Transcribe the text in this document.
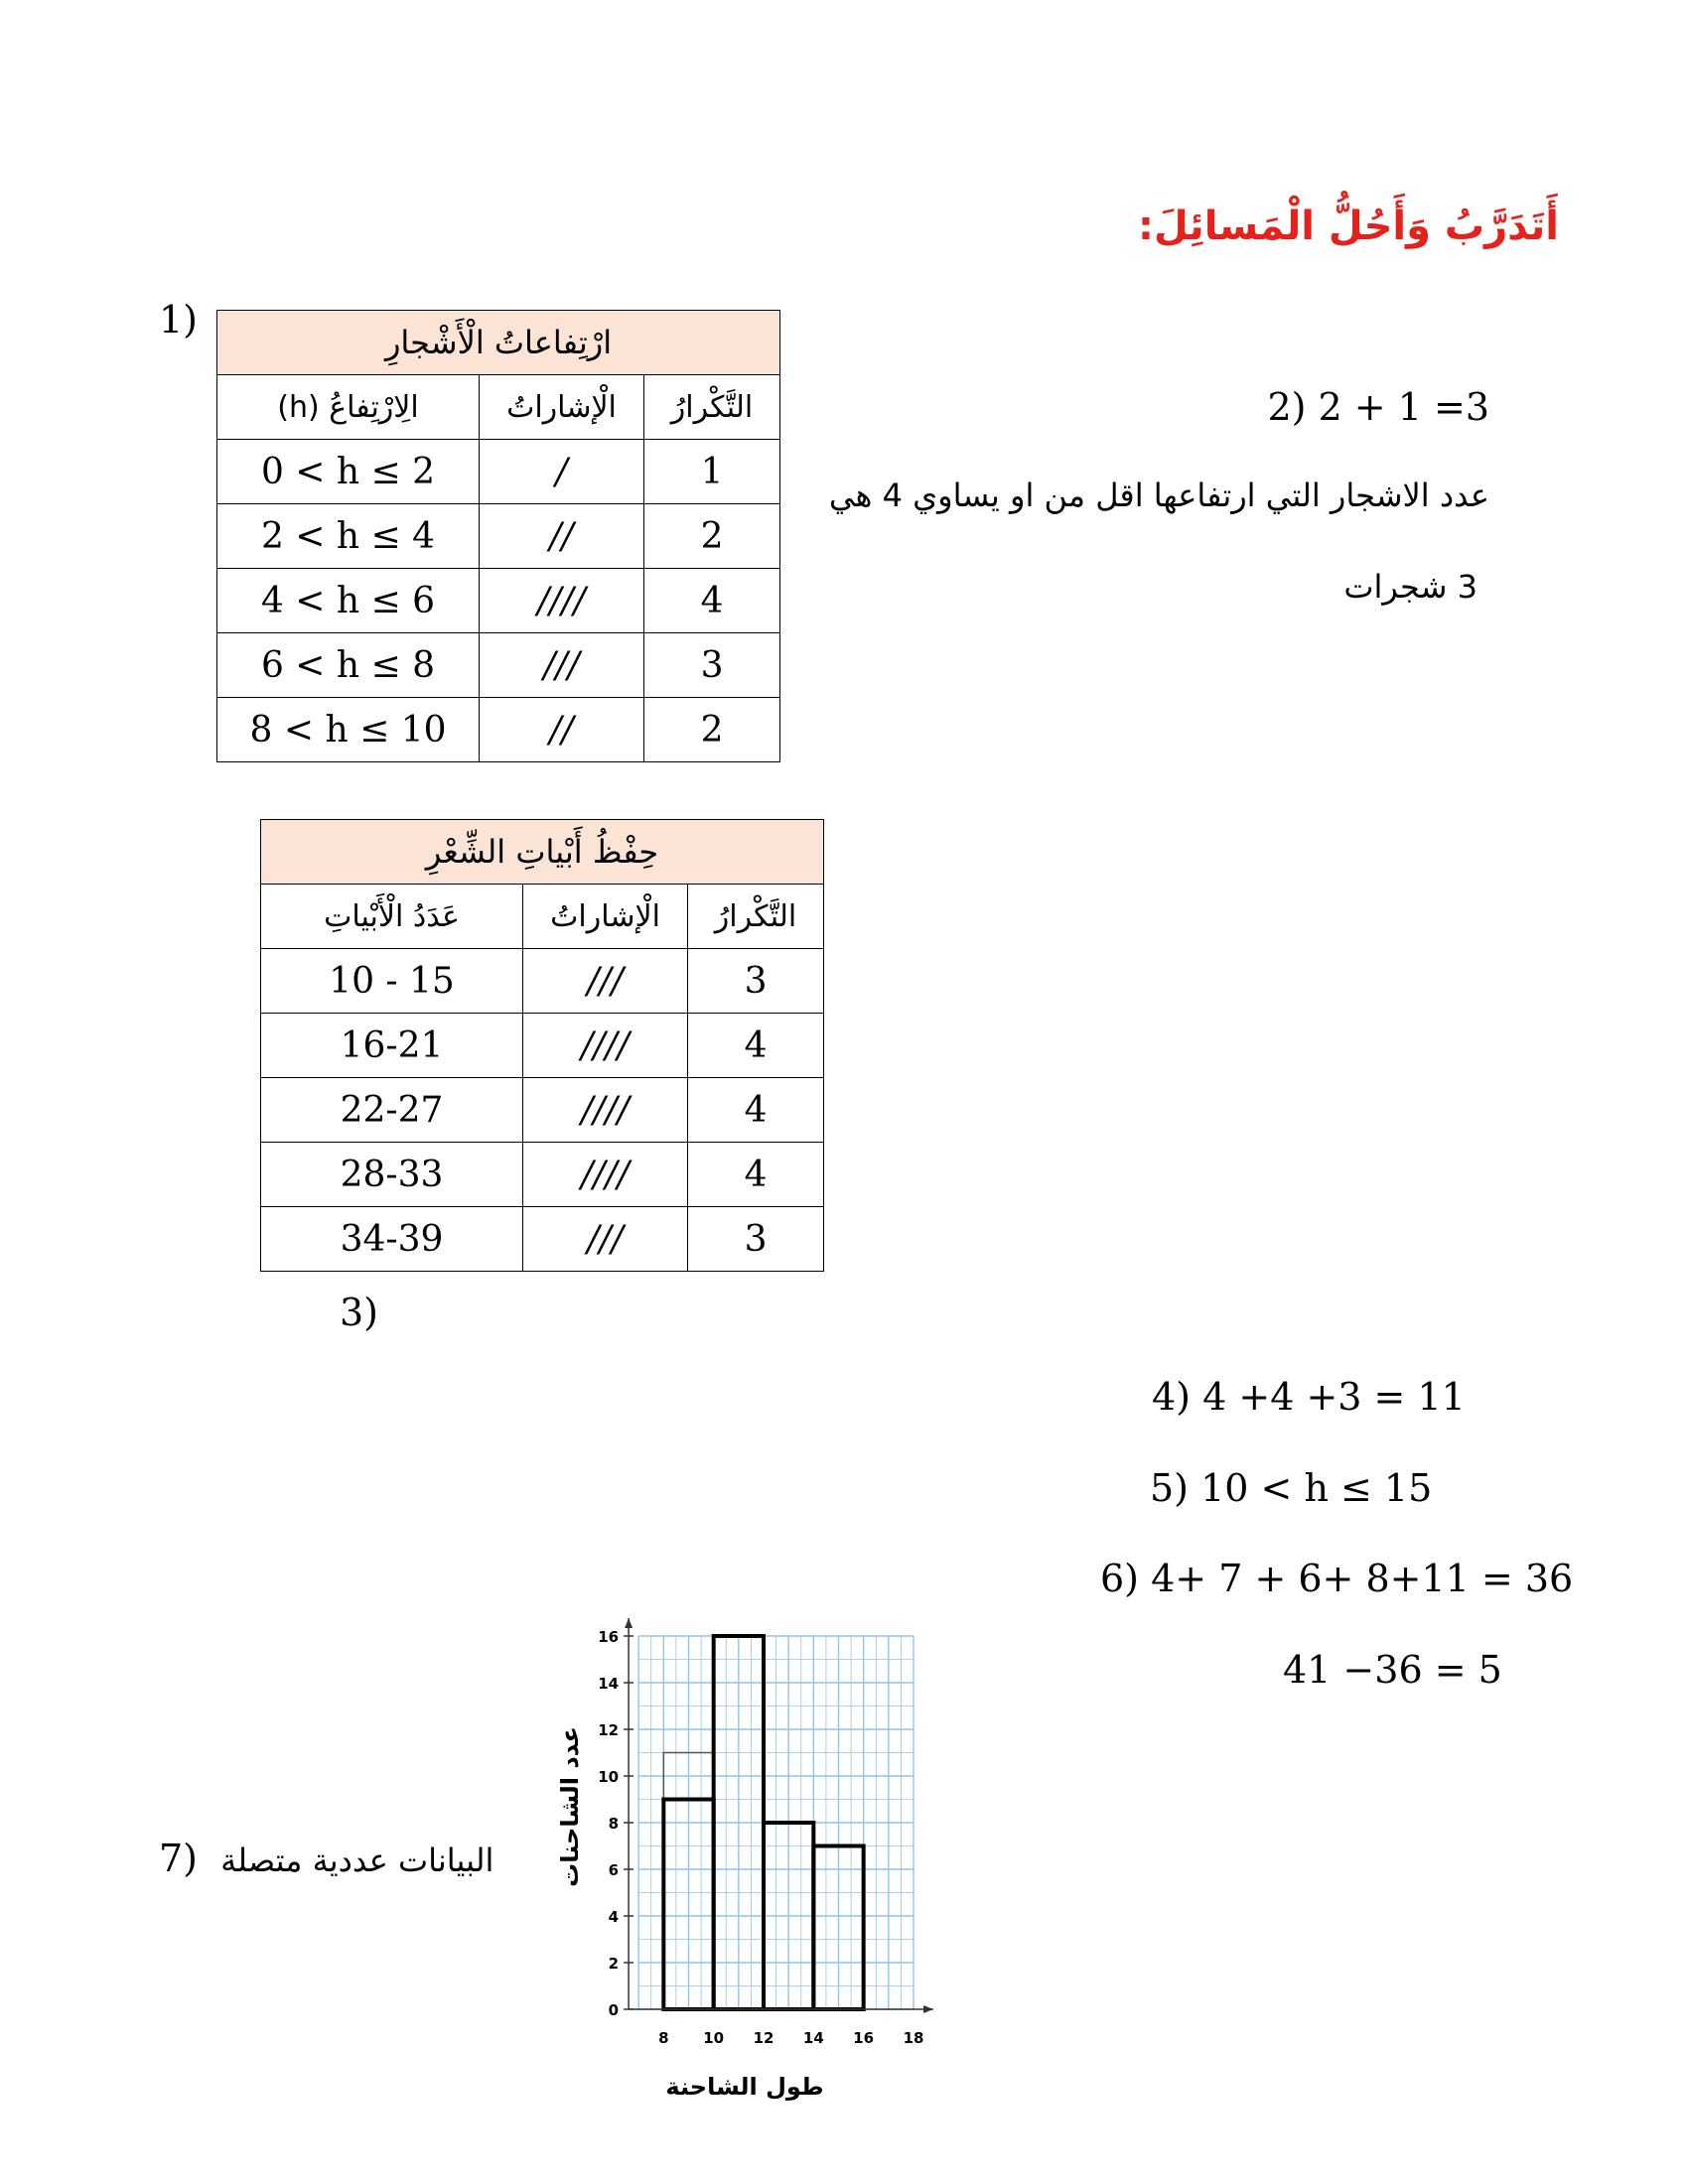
أَتَدَرَّبُ وَأَحُلُّ الْمَسائِلَ:
1)
ارْتِفاعاتُ الْأَشْجارِ		
التَّكْرارُ	الْإشاراتُ	الِارْتِفاعُ (h)
1	/	0 < h ≤ 2
2	//	2 < h ≤ 4
4	////	4 < h ≤ 6
3	///	6 < h ≤ 8
2	//	8 < h ≤ 10
2) 2 + 1 =3
عدد الاشجار التي ارتفاعها اقل من او يساوي 4 هي
3 شجرات
حِفْظُ أَبْياتِ الشِّعْرِ		
التَّكْرارُ	الْإشاراتُ	عَدَدُ الْأَبْياتِ
3	///	10 - 15
4	////	16-21
4	////	22-27
4	////	28-33
3	///	34-39
3)
4) 4 +4 +3 = 11
5) 10 < h ≤ 15
6) 4+ 7 + 6+ 8+11 = 36
41 −36 = 5
7) البيانات عددية متصلة
0
2
4
6
8
10
12
14
16
8 10 12 14 16 18
طول الشاحنة
عدد الشاحنات
